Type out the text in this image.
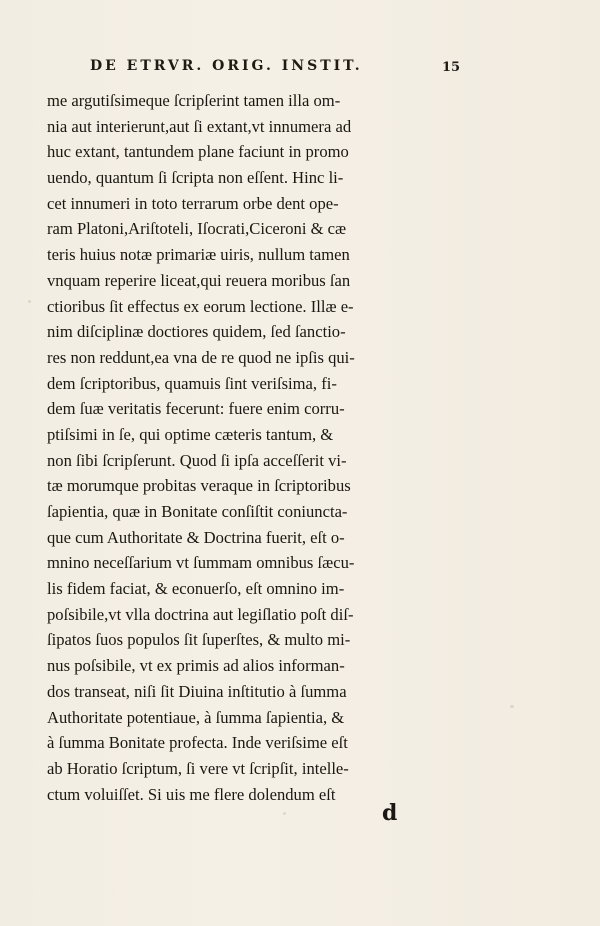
DE ETRVR. ORIG. INSTIT.	15
me argutiſsimeque ſcripſerint tamen illa om-
nia aut interierunt,aut ſi extant,vt innumera ad
huc extant, tantundem plane faciunt in promo
uendo, quantum ſi ſcripta non eſſent. Hinc li-
cet innumeri in toto terrarum orbe dent ope-
ram Platoni,Ariſtoteli, Iſocrati,Ciceroni & cæ
teris huius notæ primariæ uiris, nullum tamen
vnquam reperire liceat,qui reuera moribus ſan
ctioribus ſit effectus ex eorum lectione. Illæ e-
nim diſciplinæ doctiores quidem, ſed ſanctio-
res non reddunt,ea vna de re quod ne ipſis qui-
dem ſcriptoribus, quamuis ſint veriſsima, fi-
dem ſuæ veritatis fecerunt: fuere enim corru-
ptiſsimi in ſe, qui optime cæteris tantum, &
non ſibi ſcripſerunt. Quod ſi ipſa acceſſerit vi-
tæ morumque probitas veraque in ſcriptoribus
ſapientia, quæ in Bonitate conſiſtit coniuncta-
que cum Authoritate & Doctrina fuerit, eſt o-
mnino neceſſarium vt ſummam omnibus ſæcu-
lis fidem faciat, & econuerſo, eſt omnino im-
poſsibile,vt vlla doctrina aut legiſlatio poſt diſ-
ſipatos ſuos populos ſit ſuperſtes, & multo mi-
nus poſsibile, vt ex primis ad alios informan-
dos transeat, niſi ſit Diuina inſtitutio à ſumma
Authoritate potentiaue, à ſumma ſapientia, &
à ſumma Bonitate profecta. Inde veriſsime eſt
ab Horatio ſcriptum, ſi vere vt ſcripſit, intelle-
ctum voluiſſet. Si uis me flere dolendum eſt
d
